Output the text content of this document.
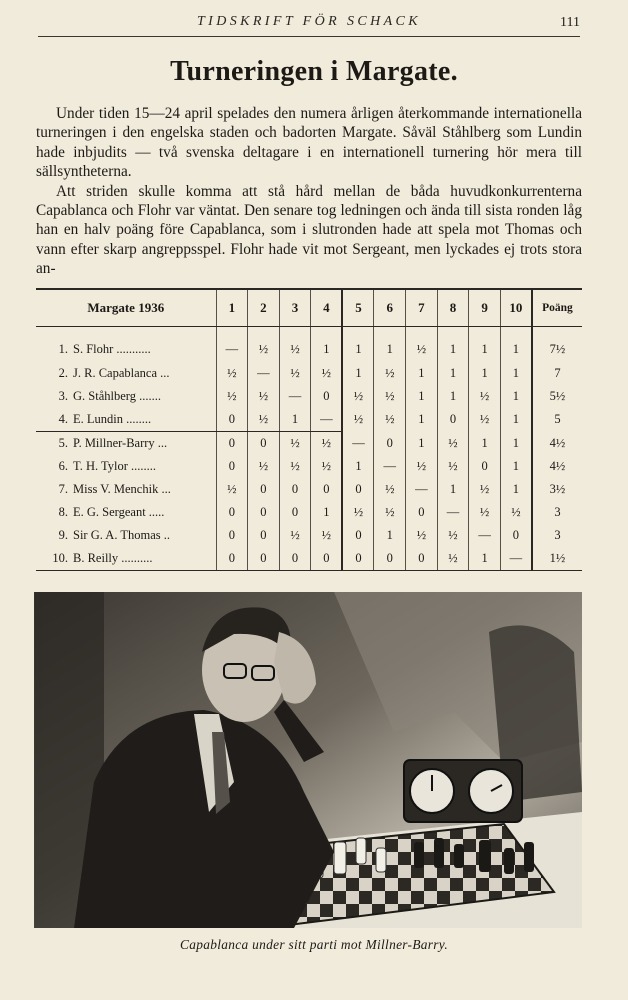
TIDSKRIFT FÖR SCHACK	111
Turneringen i Margate.

Under tiden 15—24 april spelades den numera årligen återkommande internationella turneringen i den engelska staden och badorten Margate. Såväl Ståhlberg som Lundin hade inbjudits — två svenska deltagare i en internationell turnering hör mera till sällsyntheterna.

Att striden skulle komma att stå hård mellan de båda huvudkonkurrenterna Capablanca och Flohr var väntat. Den senare tog ledningen och ända till sista ronden låg han en halv poäng före Capablanca, som i slutronden hade att spela mot Thomas och vann efter skarp angreppsspel. Flohr hade vit mot Sergeant, men lyckades ej trots stora an-

Margate 1936	1	2	3	4	5	6	7	8	9	10	Poäng
1. S. Flohr ...........	—	½	½	1	1	1	½	1	1	1	7½
2. J. R. Capablanca ...	½	—	½	½	1	½	1	1	1	1	7
3. G. Ståhlberg .......	½	½	—	0	½	½	1	1	½	1	5½
4. E. Lundin ........	0	½	1	—	½	½	1	0	½	1	5
5. P. Millner-Barry ...	0	0	½	½	—	0	1	½	1	1	4½
6. T. H. Tylor ........	0	½	½	½	1	—	½	½	0	1	4½
7. Miss V. Menchik ...	½	0	0	0	0	½	—	1	½	1	3½
8. E. G. Sergeant .....	0	0	0	1	½	½	0	—	½	½	3
9. Sir G. A. Thomas ..	0	0	½	½	0	1	½	½	—	0	3
10. B. Reilly ..........	0	0	0	0	0	0	0	½	1	—	1½
Capablanca under sitt parti mot Millner-Barry.
